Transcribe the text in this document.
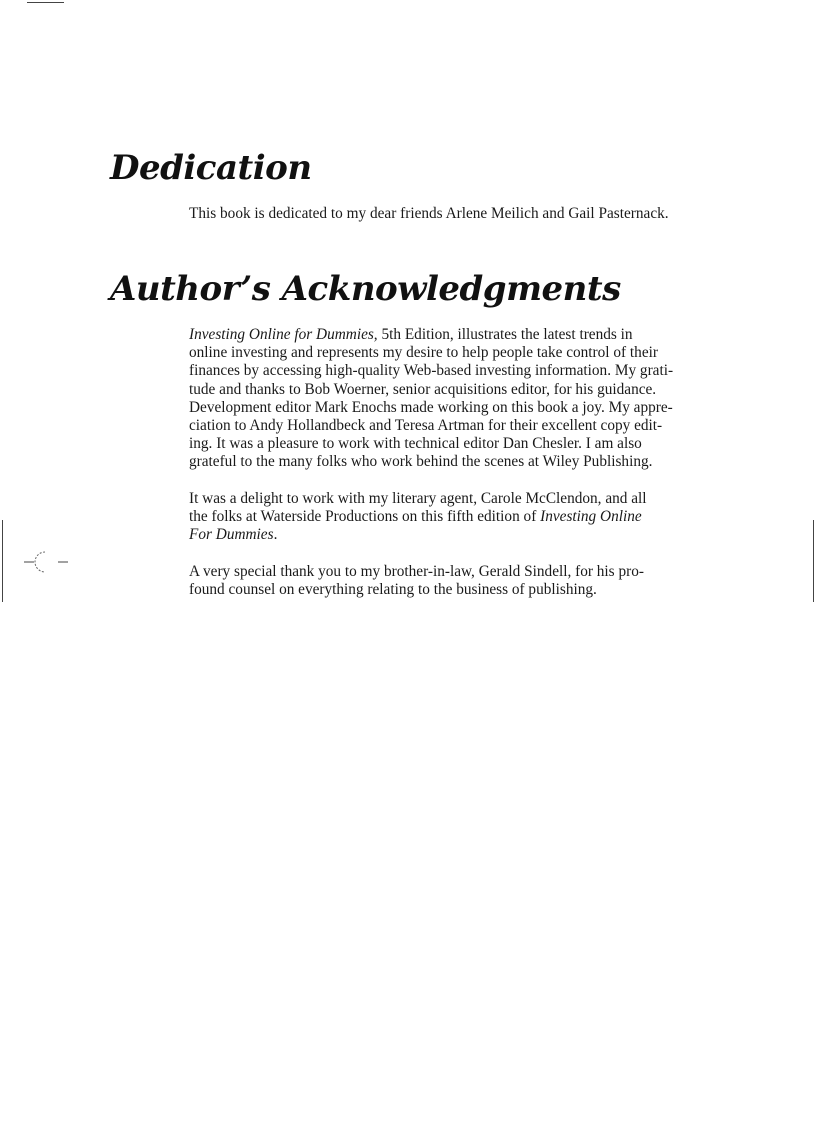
Dedication

This book is dedicated to my dear friends Arlene Meilich and Gail Pasternack.

Author’s Acknowledgments

Investing Online for Dummies, 5th Edition, illustrates the latest trends in
online investing and represents my desire to help people take control of their
finances by accessing high-quality Web-based investing information. My grati-
tude and thanks to Bob Woerner, senior acquisitions editor, for his guidance.
Development editor Mark Enochs made working on this book a joy. My appre-
ciation to Andy Hollandbeck and Teresa Artman for their excellent copy edit-
ing. It was a pleasure to work with technical editor Dan Chesler. I am also
grateful to the many folks who work behind the scenes at Wiley Publishing.

It was a delight to work with my literary agent, Carole McClendon, and all
the folks at Waterside Productions on this fifth edition of Investing Online
For Dummies.

A very special thank you to my brother-in-law, Gerald Sindell, for his pro-
found counsel on everything relating to the business of publishing.
